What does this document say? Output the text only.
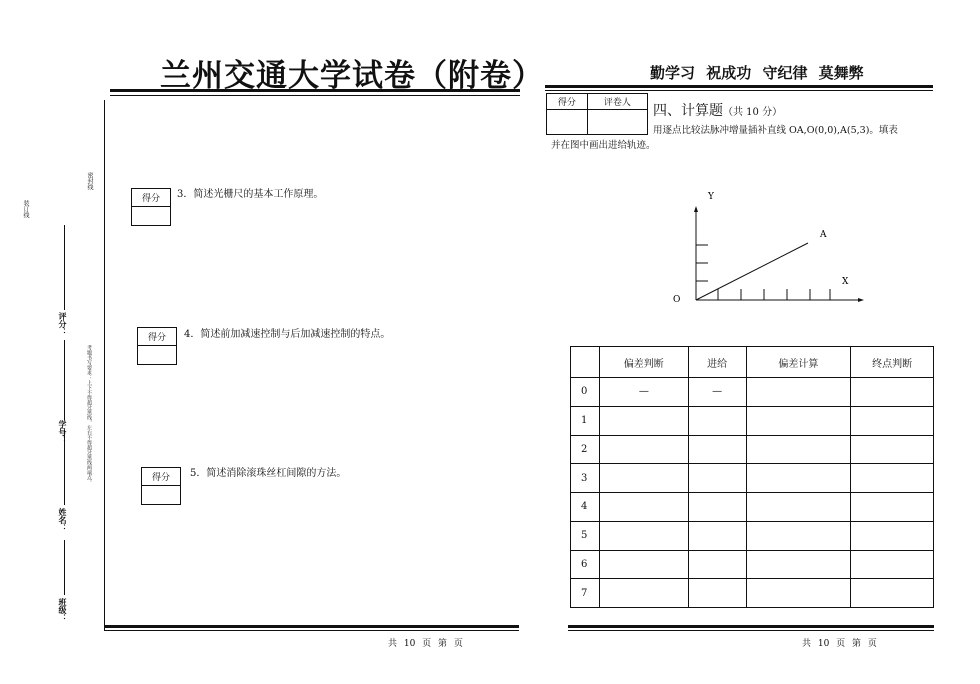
兰州交通大学试卷（附卷）	勤学习 祝成功 守纪律 莫舞弊
装订线
评分：
学号：
姓名：
班级：
密封线
考题书写要求：上下不得超过黑线，左右不得超过黑线两端点。
得分	3．简述光栅尺的基本工作原理。
得分	4．简述前加减速控制与后加减速控制的特点。
得分	5．简述消除滚珠丝杠间隙的方法。
共 10 页 第 页
得分	评卷人
	四、计算题（共 10 分）
用逐点比较法脉冲增量插补直线 OA,O(0,0),A(5,3)。填表
并在图中画出进给轨迹。
Y
X
O
A
	偏差判断	进给	偏差计算	终点判断
0	—	—		
1				
2				
3				
4				
5				
6				
7				
共 10 页 第 页
